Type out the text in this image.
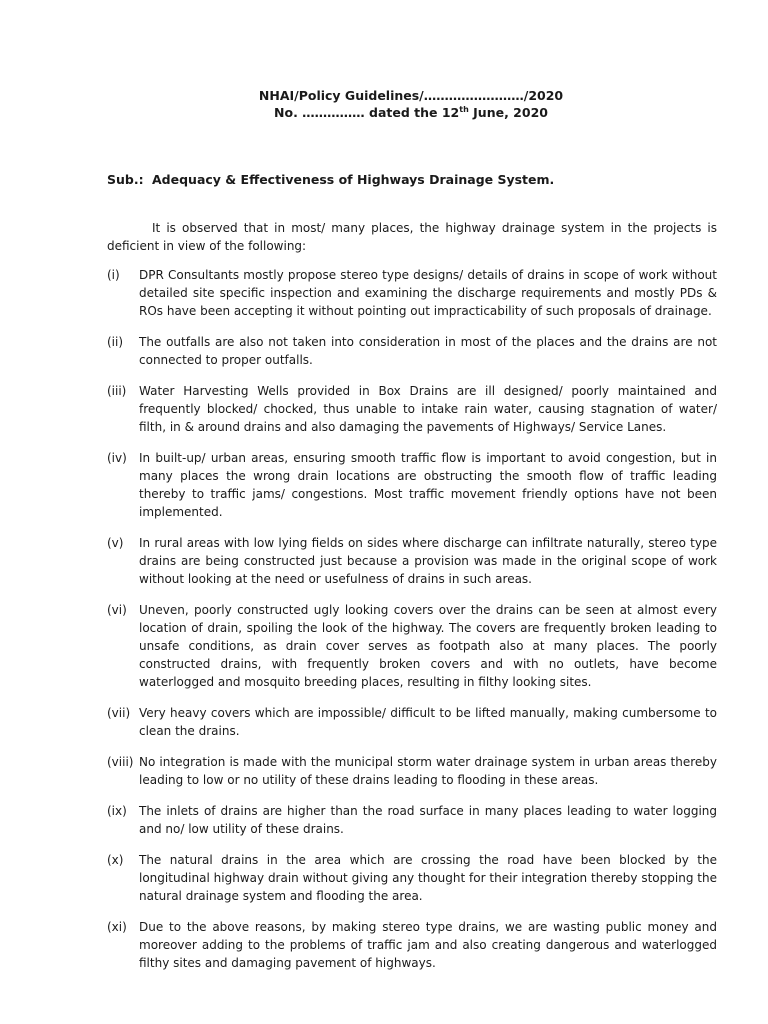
NHAI/Policy Guidelines/……………………/2020
No. …………… dated the 12th June, 2020
Sub.: Adequacy & Effectiveness of Highways Drainage System.
It is observed that in most/ many places, the highway drainage system in the projects is deficient in view of the following:
(i)	DPR Consultants mostly propose stereo type designs/ details of drains in scope of work without detailed site specific inspection and examining the discharge requirements and mostly PDs & ROs have been accepting it without pointing out impracticability of such proposals of drainage.
(ii)	The outfalls are also not taken into consideration in most of the places and the drains are not connected to proper outfalls.
(iii)	Water Harvesting Wells provided in Box Drains are ill designed/ poorly maintained and frequently blocked/ chocked, thus unable to intake rain water, causing stagnation of water/ filth, in & around drains and also damaging the pavements of Highways/ Service Lanes.
(iv)	In built-up/ urban areas, ensuring smooth traffic flow is important to avoid congestion, but in many places the wrong drain locations are obstructing the smooth flow of traffic leading thereby to traffic jams/ congestions. Most traffic movement friendly options have not been implemented.
(v)	In rural areas with low lying fields on sides where discharge can infiltrate naturally, stereo type drains are being constructed just because a provision was made in the original scope of work without looking at the need or usefulness of drains in such areas.
(vi)	Uneven, poorly constructed ugly looking covers over the drains can be seen at almost every location of drain, spoiling the look of the highway. The covers are frequently broken leading to unsafe conditions, as drain cover serves as footpath also at many places. The poorly constructed drains, with frequently broken covers and with no outlets, have become waterlogged and mosquito breeding places, resulting in filthy looking sites.
(vii) Very heavy covers which are impossible/ difficult to be lifted manually, making cumbersome to clean the drains.
(viii) No integration is made with the municipal storm water drainage system in urban areas thereby leading to low or no utility of these drains leading to flooding in these areas.
(ix)	The inlets of drains are higher than the road surface in many places leading to water logging and no/ low utility of these drains.
(x)	The natural drains in the area which are crossing the road have been blocked by the longitudinal highway drain without giving any thought for their integration thereby stopping the natural drainage system and flooding the area.
(xi)	Due to the above reasons, by making stereo type drains, we are wasting public money and moreover adding to the problems of traffic jam and also creating dangerous and waterlogged filthy sites and damaging pavement of highways.
